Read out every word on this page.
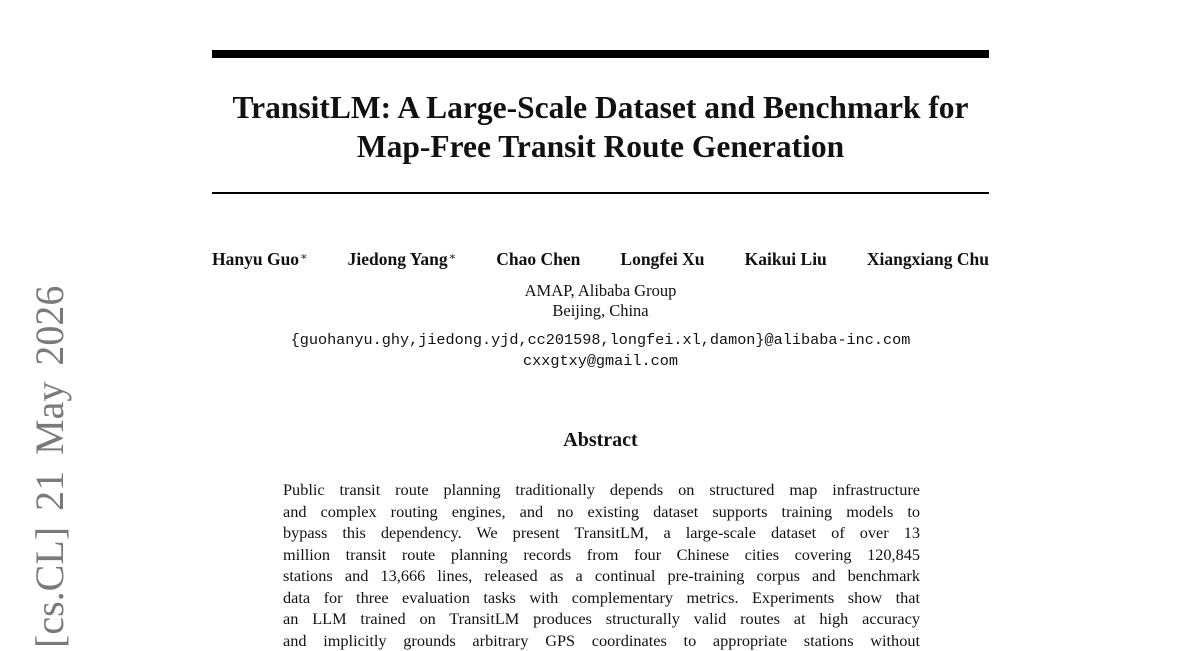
TransitLM: A Large-Scale Dataset and Benchmark for
Map-Free Transit Route Generation
Hanyu Guo∗ Jiedong Yang∗ Chao Chen Longfei Xu Kaikui Liu Xiangxiang Chu
AMAP, Alibaba Group
Beijing, China
{guohanyu.ghy,jiedong.yjd,cc201598,longfei.xl,damon}@alibaba-inc.com
cxxgtxy@gmail.com
Abstract
Public transit route planning traditionally depends on structured map infrastructure
and complex routing engines, and no existing dataset supports training models to
bypass this dependency. We present TransitLM, a large-scale dataset of over 13
million transit route planning records from four Chinese cities covering 120,845
stations and 13,666 lines, released as a continual pre-training corpus and benchmark
data for three evaluation tasks with complementary metrics. Experiments show that
an LLM trained on TransitLM produces structurally valid routes at high accuracy
and implicitly grounds arbitrary GPS coordinates to appropriate stations without
[cs.CL] 21 May 2026
